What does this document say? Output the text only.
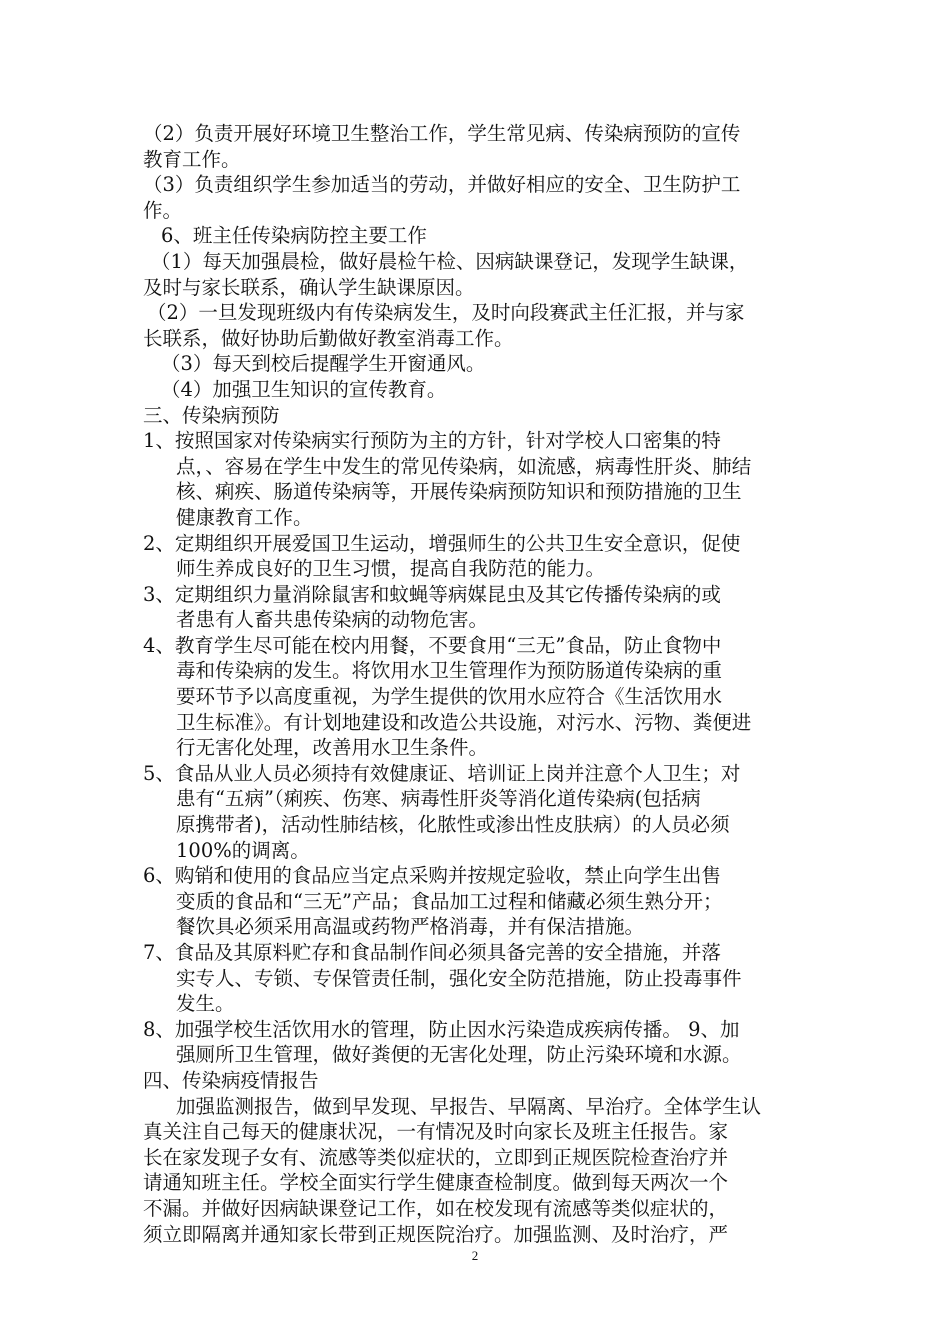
（2）负责开展好环境卫生整治工作，学生常见病、传染病预防的宣传
教育工作。
（3）负责组织学生参加适当的劳动，并做好相应的安全、卫生防护工
作。
6、班主任传染病防控主要工作
（1）每天加强晨检，做好晨检午检、因病缺课登记，发现学生缺课，
及时与家长联系，确认学生缺课原因。
（2）一旦发现班级内有传染病发生，及时向段赛武主任汇报，并与家
长联系，做好协助后勤做好教室消毒工作。
（3）每天到校后提醒学生开窗通风。
（4）加强卫生知识的宣传教育。
三、传染病预防
1、按照国家对传染病实行预防为主的方针，针对学校人口密集的特
点，、容易在学生中发生的常见传染病，如流感，病毒性肝炎、肺结
核、痢疾、肠道传染病等，开展传染病预防知识和预防措施的卫生
健康教育工作。
2、定期组织开展爱国卫生运动，增强师生的公共卫生安全意识，促使
师生养成良好的卫生习惯，提高自我防范的能力。
3、定期组织力量消除鼠害和蚊蝇等病媒昆虫及其它传播传染病的或
者患有人畜共患传染病的动物危害。
4、教育学生尽可能在校内用餐，不要食用“三无”食品，防止食物中
毒和传染病的发生。将饮用水卫生管理作为预防肠道传染病的重
要环节予以高度重视，为学生提供的饮用水应符合《生活饮用水
卫生标准》。有计划地建设和改造公共设施，对污水、污物、粪便进
行无害化处理，改善用水卫生条件。
5、食品从业人员必须持有效健康证、培训证上岗并注意个人卫生；对
患有“五病”（痢疾、伤寒、病毒性肝炎等消化道传染病(包括病
原携带者)，活动性肺结核，化脓性或渗出性皮肤病）的人员必须
100%的调离。
6、购销和使用的食品应当定点采购并按规定验收，禁止向学生出售
变质的食品和“三无”产品；食品加工过程和储藏必须生熟分开；
餐饮具必须采用高温或药物严格消毒，并有保洁措施。
7、食品及其原料贮存和食品制作间必须具备完善的安全措施，并落
实专人、专锁、专保管责任制，强化安全防范措施，防止投毒事件
发生。
8、加强学校生活饮用水的管理，防止因水污染造成疾病传播。 9、加
强厕所卫生管理，做好粪便的无害化处理，防止污染环境和水源。
四、传染病疫情报告
加强监测报告，做到早发现、早报告、早隔离、早治疗。全体学生认
真关注自己每天的健康状况，一有情况及时向家长及班主任报告。家
长在家发现子女有、流感等类似症状的，立即到正规医院检查治疗并
请通知班主任。学校全面实行学生健康查检制度。做到每天两次一个
不漏。并做好因病缺课登记工作，如在校发现有流感等类似症状的，
须立即隔离并通知家长带到正规医院治疗。加强监测、及时治疗，严
2
